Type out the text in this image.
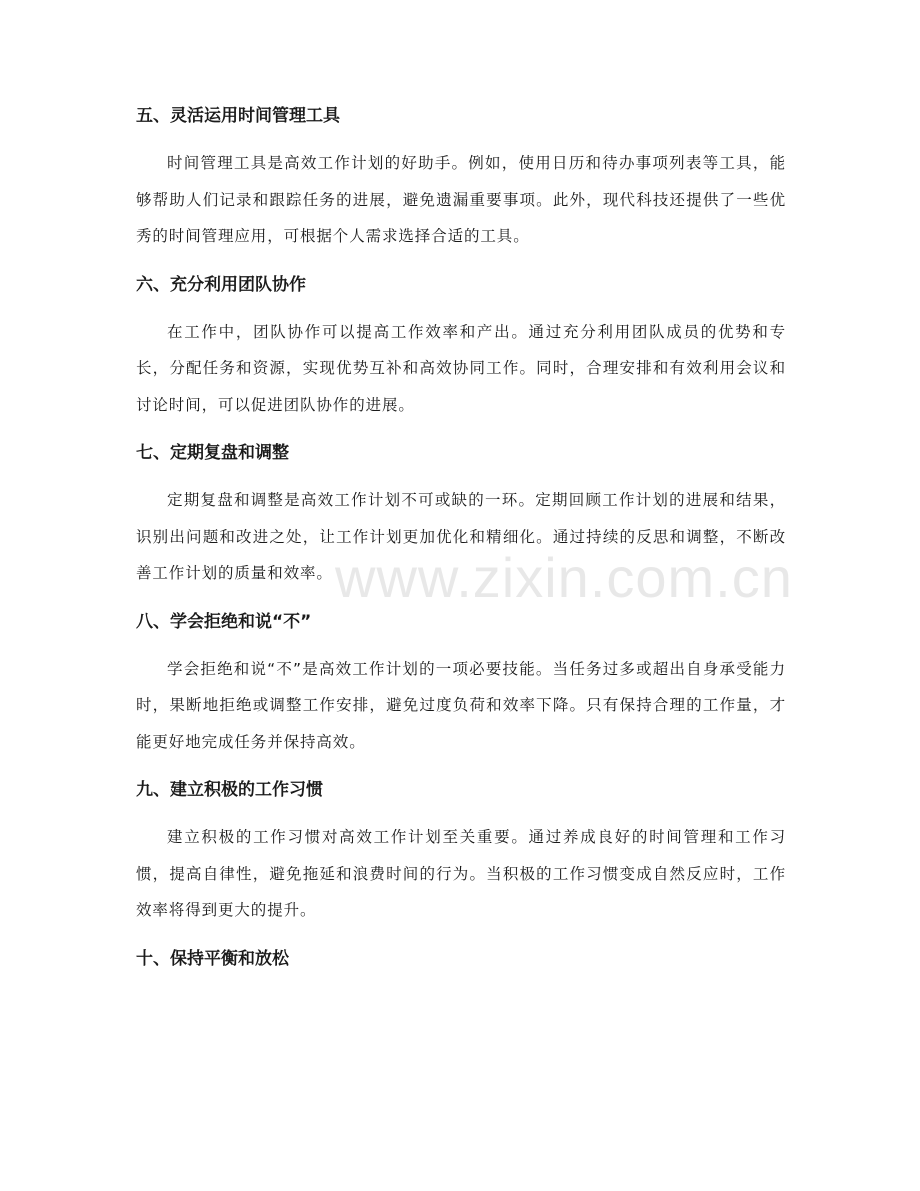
www.zixin.com.cn
五、灵活运用时间管理工具

时间管理工具是高效工作计划的好助手。例如，使用日历和待办事项列表等工具，能够帮助人们记录和跟踪任务的进展，避免遗漏重要事项。此外，现代科技还提供了一些优秀的时间管理应用，可根据个人需求选择合适的工具。

六、充分利用团队协作

在工作中，团队协作可以提高工作效率和产出。通过充分利用团队成员的优势和专长，分配任务和资源，实现优势互补和高效协同工作。同时，合理安排和有效利用会议和讨论时间，可以促进团队协作的进展。

七、定期复盘和调整

定期复盘和调整是高效工作计划不可或缺的一环。定期回顾工作计划的进展和结果，识别出问题和改进之处，让工作计划更加优化和精细化。通过持续的反思和调整，不断改善工作计划的质量和效率。

八、学会拒绝和说“不”

学会拒绝和说“不”是高效工作计划的一项必要技能。当任务过多或超出自身承受能力时，果断地拒绝或调整工作安排，避免过度负荷和效率下降。只有保持合理的工作量，才能更好地完成任务并保持高效。

九、建立积极的工作习惯

建立积极的工作习惯对高效工作计划至关重要。通过养成良好的时间管理和工作习惯，提高自律性，避免拖延和浪费时间的行为。当积极的工作习惯变成自然反应时，工作效率将得到更大的提升。

十、保持平衡和放松
